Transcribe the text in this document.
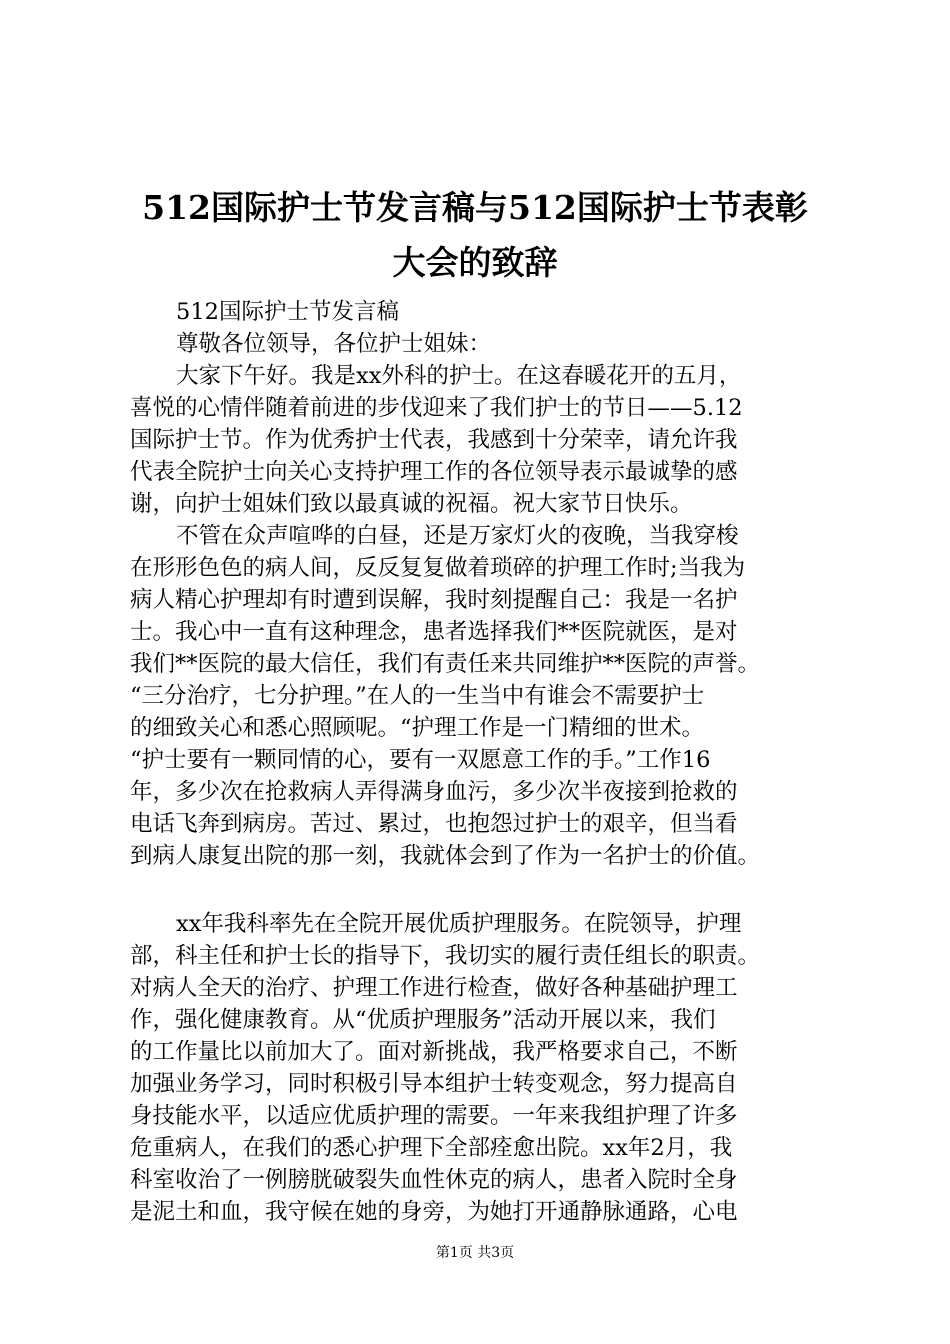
512国际护士节发言稿与512国际护士节表彰
大会的致辞
512国际护士节发言稿
尊敬各位领导，各位护士姐妹：
大家下午好。我是xx外科的护士。在这春暖花开的五月，
喜悦的心情伴随着前进的步伐迎来了我们护士的节日——5.12
国际护士节。作为优秀护士代表，我感到十分荣幸，请允许我
代表全院护士向关心支持护理工作的各位领导表示最诚挚的感
谢，向护士姐妹们致以最真诚的祝福。祝大家节日快乐。
不管在众声喧哗的白昼，还是万家灯火的夜晚，当我穿梭
在形形色色的病人间，反反复复做着琐碎的护理工作时;当我为
病人精心护理却有时遭到误解，我时刻提醒自己：我是一名护
士。我心中一直有这种理念，患者选择我们**医院就医，是对
我们**医院的最大信任，我们有责任来共同维护**医院的声誉。
“三分治疗，七分护理。”在人的一生当中有谁会不需要护士
的细致关心和悉心照顾呢。“护理工作是一门精细的世术。
“护士要有一颗同情的心，要有一双愿意工作的手。”工作16
年，多少次在抢救病人弄得满身血污，多少次半夜接到抢救的
电话飞奔到病房。苦过、累过，也抱怨过护士的艰辛，但当看
到病人康复出院的那一刻，我就体会到了作为一名护士的价值。
xx年我科率先在全院开展优质护理服务。在院领导，护理
部，科主任和护士长的指导下，我切实的履行责任组长的职责。
对病人全天的治疗、护理工作进行检查，做好各种基础护理工
作，强化健康教育。从“优质护理服务”活动开展以来，我们
的工作量比以前加大了。面对新挑战，我严格要求自己，不断
加强业务学习，同时积极引导本组护士转变观念，努力提高自
身技能水平，以适应优质护理的需要。一年来我组护理了许多
危重病人，在我们的悉心护理下全部痊愈出院。xx年2月，我
科室收治了一例膀胱破裂失血性休克的病人，患者入院时全身
是泥土和血，我守候在她的身旁，为她打开通静脉通路，心电
第1页 共3页
